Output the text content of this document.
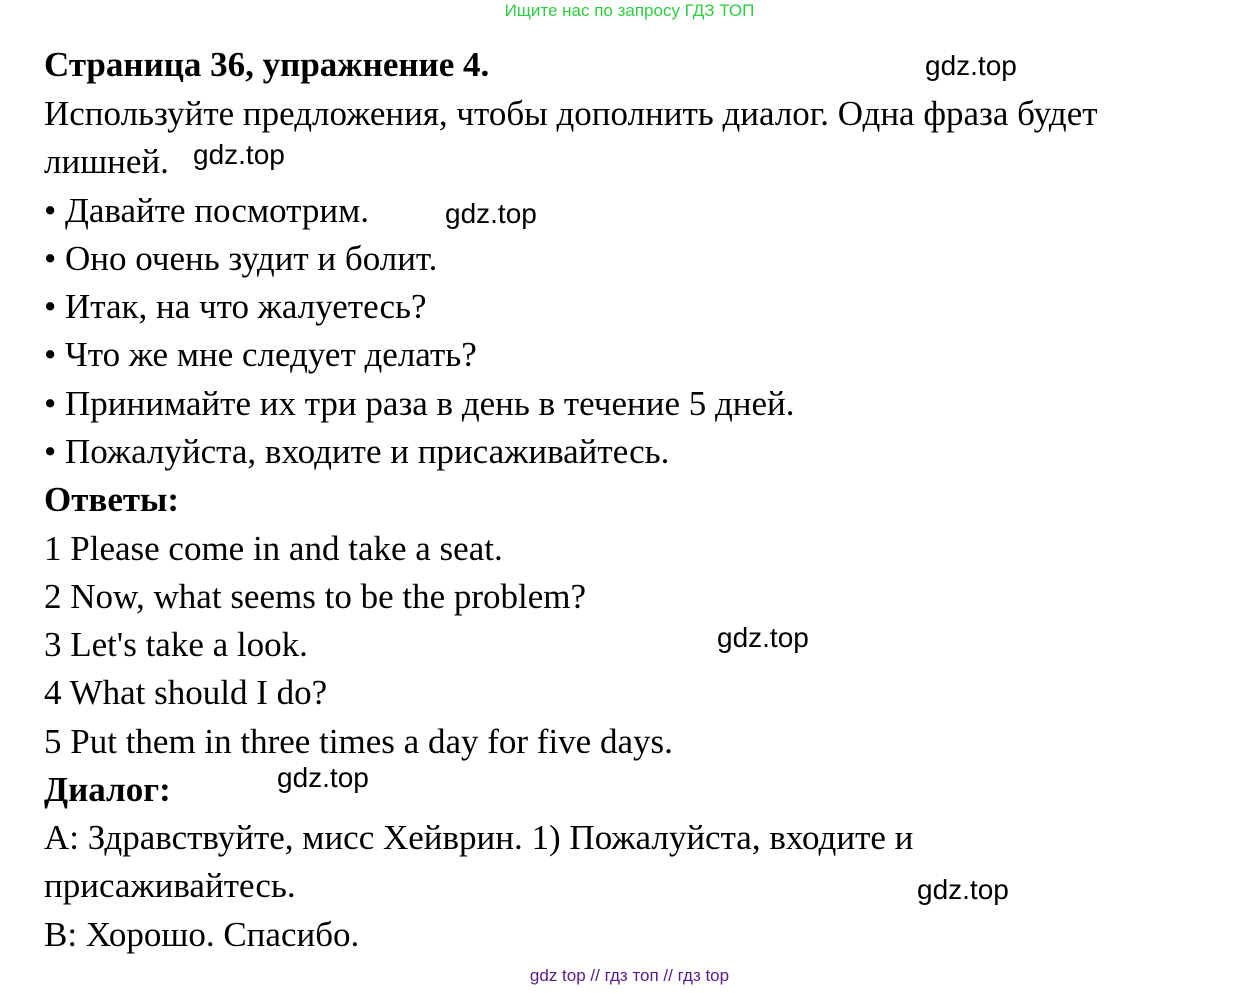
Ищите нас по запросу ГДЗ ТОП
Страница 36, упражнение 4.
Используйте предложения, чтобы дополнить диалог. Одна фраза будет
лишней.
• Давайте посмотрим.
• Оно очень зудит и болит.
• Итак, на что жалуетесь?
• Что же мне следует делать?
• Принимайте их три раза в день в течение 5 дней.
• Пожалуйста, входите и присаживайтесь.
Ответы:
1 Please come in and take a seat.
2 Now, what seems to be the problem?
3 Let's take a look.
4 What should I do?
5 Put them in three times a day for five days.
Диалог:
A: Здравствуйте, мисс Хейврин. 1) Пожалуйста, входите и
присаживайтесь.
B: Хорошо. Спасибо.
gdz.top
gdz.top
gdz.top
gdz.top
gdz.top
gdz.top
gdz top // гдз топ // гдз top
